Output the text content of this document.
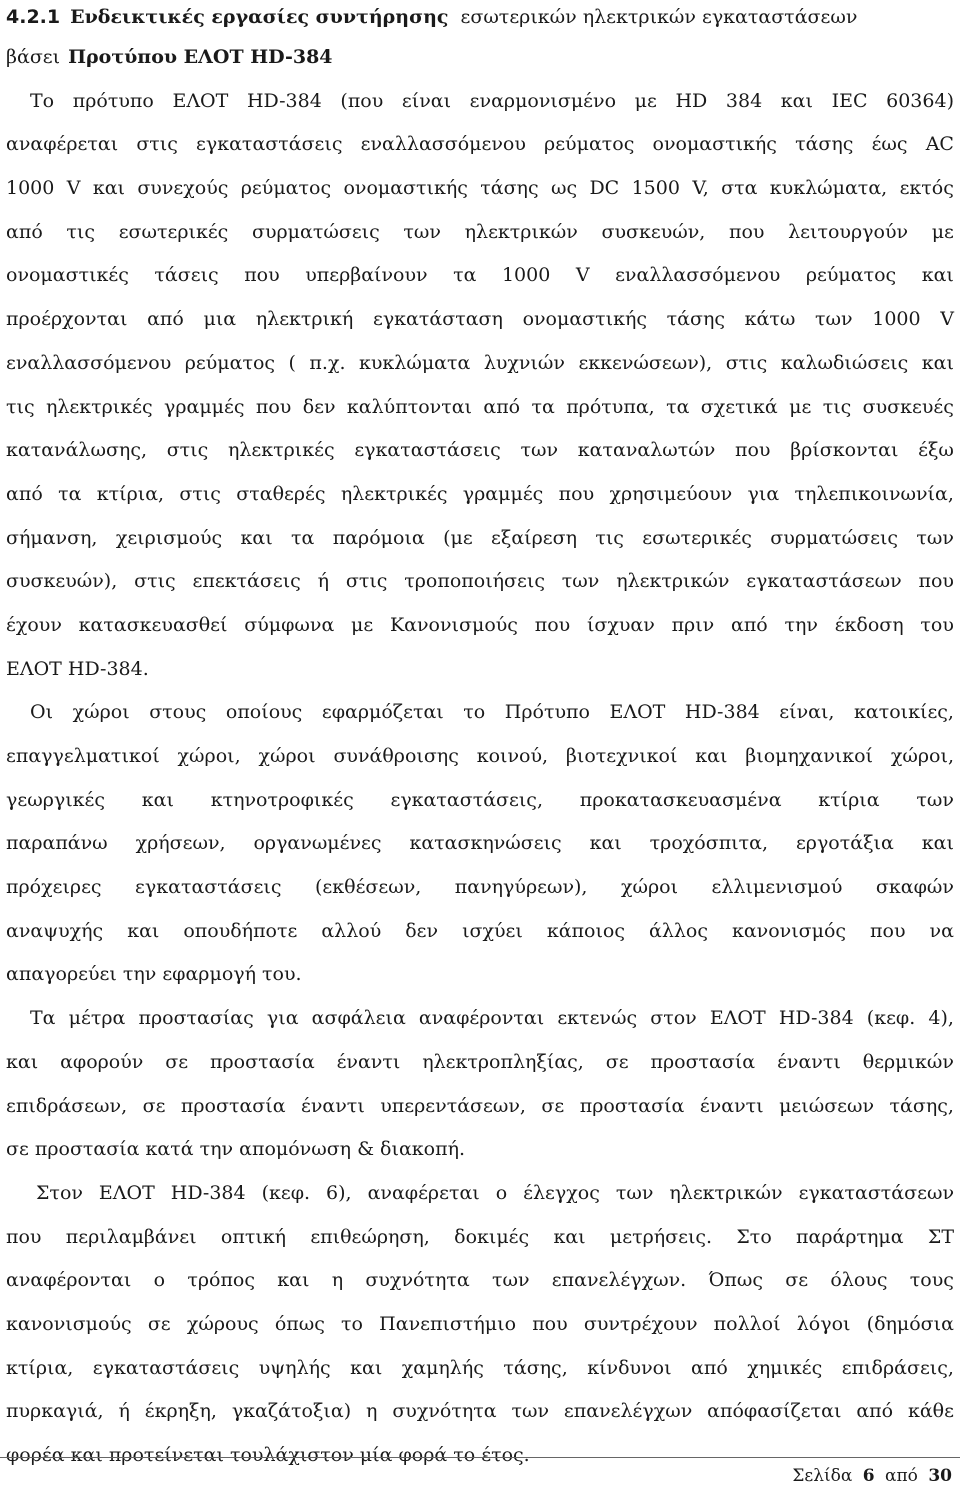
4.2.1 Ενδεικτικές εργασίες συντήρησης εσωτερικών ηλεκτρικών εγκαταστάσεων
βάσει Προτύπου ΕΛΟΤ HD-384
Το πρότυπο ΕΛΟΤ HD-384 (που είναι εναρμονισμένο με HD 384 και IEC 60364)
αναφέρεται στις εγκαταστάσεις εναλλασσόμενου ρεύματος ονομαστικής τάσης έως AC
1000 V και συνεχούς ρεύματος ονομαστικής τάσης ως DC 1500 V, στα κυκλώματα, εκτός
από τις εσωτερικές συρματώσεις των ηλεκτρικών συσκευών, που λειτουργούν με
ονομαστικές τάσεις που υπερβαίνουν τα 1000 V εναλλασσόμενου ρεύματος και
προέρχονται από μια ηλεκτρική εγκατάσταση ονομαστικής τάσης κάτω των 1000 V
εναλλασσόμενου ρεύματος ( π.χ. κυκλώματα λυχνιών εκκενώσεων), στις καλωδιώσεις και
τις ηλεκτρικές γραμμές που δεν καλύπτονται από τα πρότυπα, τα σχετικά με τις συσκευές
κατανάλωσης, στις ηλεκτρικές εγκαταστάσεις των καταναλωτών που βρίσκονται έξω
από τα κτίρια, στις σταθερές ηλεκτρικές γραμμές που χρησιμεύουν για τηλεπικοινωνία,
σήμανση, χειρισμούς και τα παρόμοια (με εξαίρεση τις εσωτερικές συρματώσεις των
συσκευών), στις επεκτάσεις ή στις τροποποιήσεις των ηλεκτρικών εγκαταστάσεων που
έχουν κατασκευασθεί σύμφωνα με Κανονισμούς που ίσχυαν πριν από την έκδοση του
ΕΛΟΤ HD-384.
Οι χώροι στους οποίους εφαρμόζεται το Πρότυπο ΕΛΟΤ HD-384 είναι, κατοικίες,
επαγγελματικοί χώροι, χώροι συνάθροισης κοινού, βιοτεχνικοί και βιομηχανικοί χώροι,
γεωργικές και κτηνοτροφικές εγκαταστάσεις, προκατασκευασμένα κτίρια των
παραπάνω χρήσεων, οργανωμένες κατασκηνώσεις και τροχόσπιτα, εργοτάξια και
πρόχειρες εγκαταστάσεις (εκθέσεων, πανηγύρεων), χώροι ελλιμενισμού σκαφών
αναψυχής και οπουδήποτε αλλού δεν ισχύει κάποιος άλλος κανονισμός που να
απαγορεύει την εφαρμογή του.
Τα μέτρα προστασίας για ασφάλεια αναφέρονται εκτενώς στον ΕΛΟΤ HD-384 (κεφ. 4),
και αφορούν σε προστασία έναντι ηλεκτροπληξίας, σε προστασία έναντι θερμικών
επιδράσεων, σε προστασία έναντι υπερεντάσεων, σε προστασία έναντι μειώσεων τάσης,
σε προστασία κατά την απομόνωση & διακοπή.
Στον ΕΛΟΤ HD-384 (κεφ. 6), αναφέρεται ο έλεγχος των ηλεκτρικών εγκαταστάσεων
που περιλαμβάνει οπτική επιθεώρηση, δοκιμές και μετρήσεις. Στο παράρτημα ΣΤ
αναφέρονται ο τρόπος και η συχνότητα των επανελέγχων. Όπως σε όλους τους
κανονισμούς σε χώρους όπως το Πανεπιστήμιο που συντρέχουν πολλοί λόγοι (δημόσια
κτίρια, εγκαταστάσεις υψηλής και χαμηλής τάσης, κίνδυνοι από χημικές επιδράσεις,
πυρκαγιά, ή έκρηξη, γκαζάτοξια) η συχνότητα των επανελέγχων απόφασίζεται από κάθε
φορέα και προτείνεται τουλάχιστον μία φορά το έτος.
Σελίδα 6 από 30
